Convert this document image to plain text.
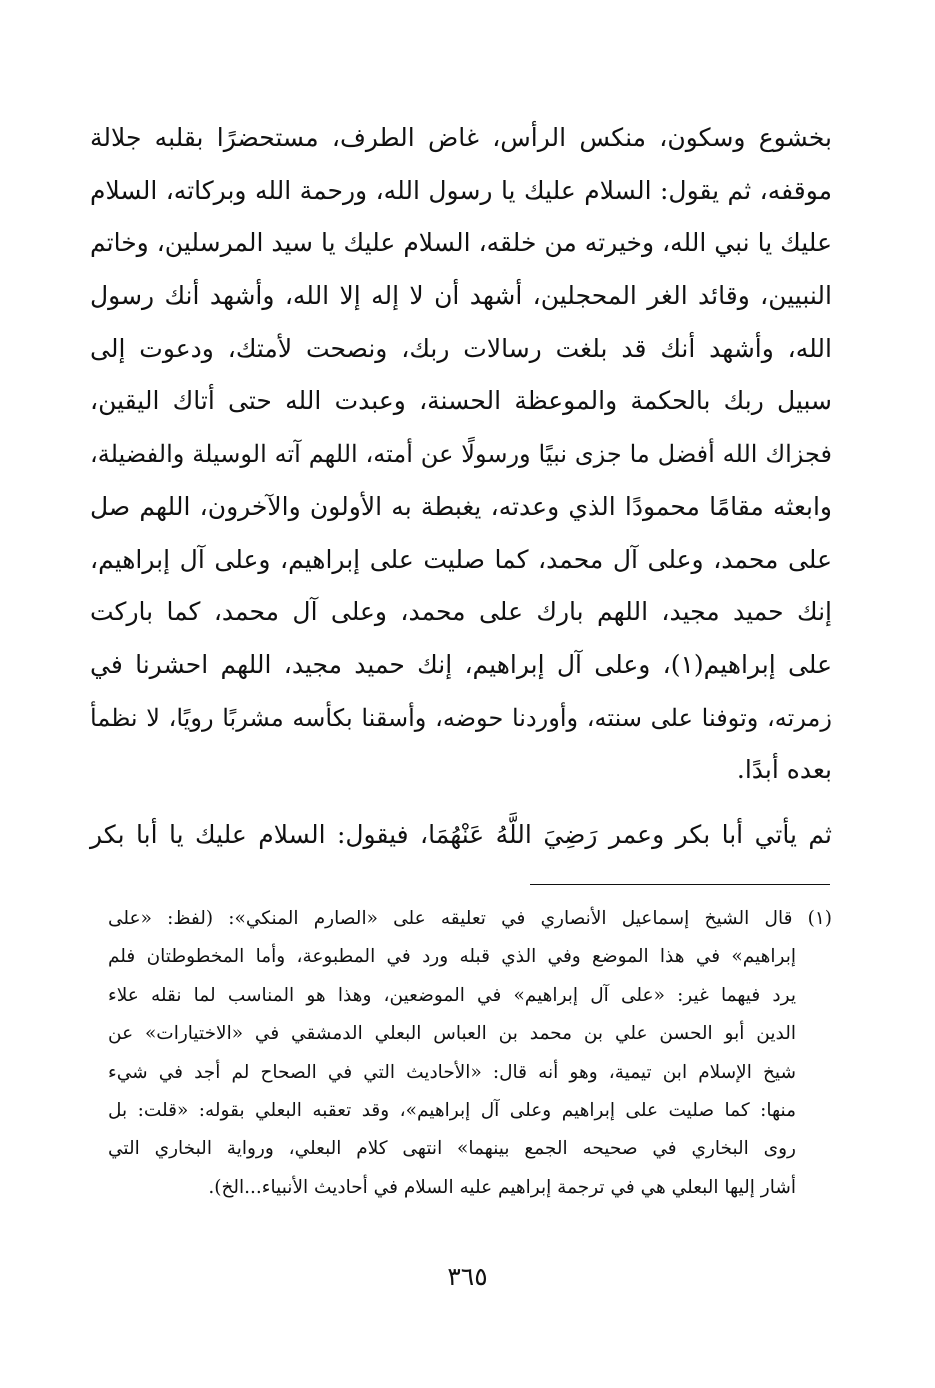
بخشوع وسكون، منكس الرأس، غاض الطرف، مستحضرًا بقلبه جلالة
موقفه، ثم يقول: السلام عليك يا رسول الله، ورحمة الله وبركاته، السلام
عليك يا نبي الله، وخيرته من خلقه، السلام عليك يا سيد المرسلين، وخاتم
النبيين، وقائد الغر المحجلين، أشهد أن لا إله إلا الله، وأشهد أنك رسول
الله، وأشهد أنك قد بلغت رسالات ربك، ونصحت لأمتك، ودعوت إلى
سبيل ربك بالحكمة والموعظة الحسنة، وعبدت الله حتى أتاك اليقين،
فجزاك الله أفضل ما جزى نبيًا ورسولًا عن أمته، اللهم آته الوسيلة والفضيلة،
وابعثه مقامًا محمودًا الذي وعدته، يغبطة به الأولون والآخرون، اللهم صل
على محمد، وعلى آل محمد، كما صليت على إبراهيم، وعلى آل إبراهيم،
إنك حميد مجيد، اللهم بارك على محمد، وعلى آل محمد، كما باركت
على إبراهيم(١)، وعلى آل إبراهيم، إنك حميد مجيد، اللهم احشرنا في
زمرته، وتوفنا على سنته، وأوردنا حوضه، وأسقنا بكأسه مشربًا رويًا، لا نظمأ
بعده أبدًا.
ثم يأتي أبا بكر وعمر رَضِيَ اللَّهُ عَنْهُمَا، فيقول: السلام عليك يا أبا بكر
(١) قال الشيخ إسماعيل الأنصاري في تعليقه على «الصارم المنكي»: (لفظ: «على
إبراهيم» في هذا الموضع وفي الذي قبله ورد في المطبوعة، وأما المخطوطتان فلم
يرد فيهما غير: «على آل إبراهيم» في الموضعين، وهذا هو المناسب لما نقله علاء
الدين أبو الحسن علي بن محمد بن العباس البعلي الدمشقي في «الاختيارات» عن
شيخ الإسلام ابن تيمية، وهو أنه قال: «الأحاديث التي في الصحاح لم أجد في شيء
منها: كما صليت على إبراهيم وعلى آل إبراهيم»، وقد تعقبه البعلي بقوله: «قلت: بل
روى البخاري في صحيحه الجمع بينهما» انتهى كلام البعلي، ورواية البخاري التي
أشار إليها البعلي هي في ترجمة إبراهيم عليه السلام في أحاديث الأنبياء...الخ).
٣٦٥
